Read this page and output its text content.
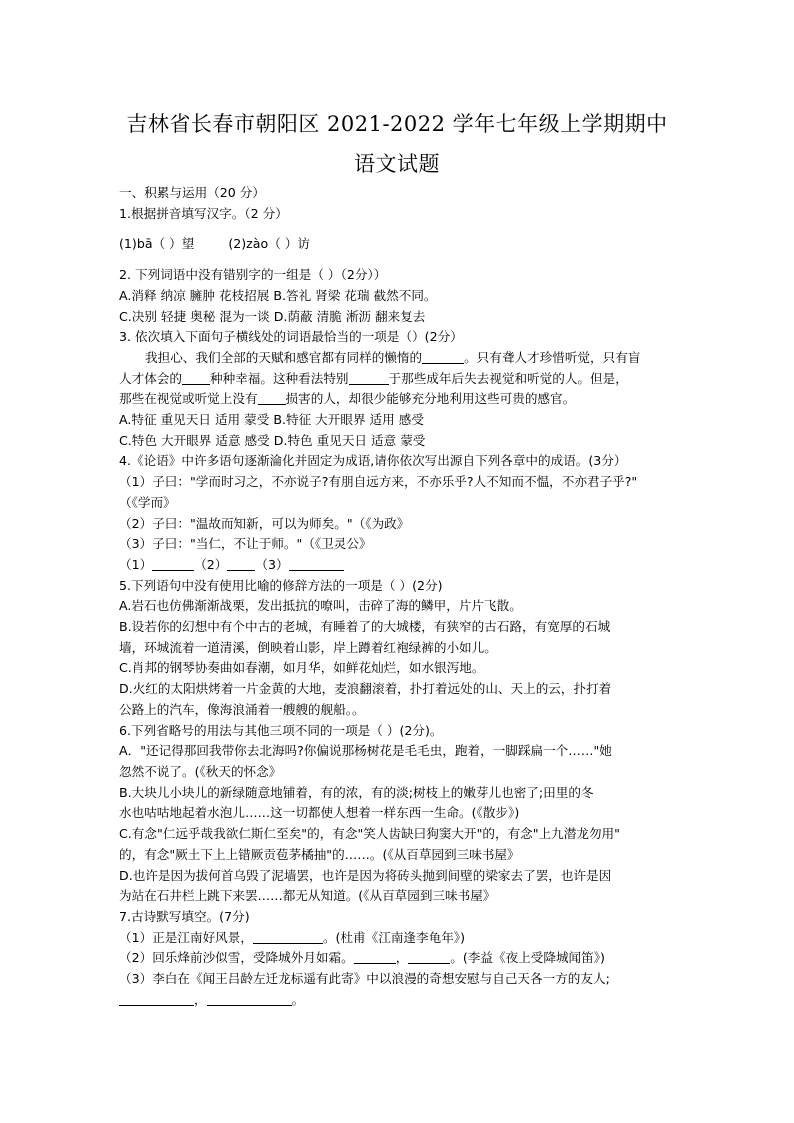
吉林省长春市朝阳区 2021-2022 学年七年级上学期期中
语文试题
一、积累与运用（20 分）
1.根据拼音填写汉字。（2 分）
(1)bā（ ）望	(2)zào（ ）访
2. 下列词语中没有错别字的一组是（ ）（2分））
A.消释 纳凉 臃肿 花枝招展 B.答礼 肾梁 花瑞 截然不同。
C.决别 轻捷 奥秘 混为一谈 D.荫蔽 清脆 淅沥 翻来复去
3. 依次填入下面句子横线处的词语最恰当的一项是（）(2分）
我担心、我们全部的天赋和感官都有同样的懒惰的	。只有聋人才珍惜听觉，只有盲
人才体会的 种种幸福。这种看法特别	于那些成年后失去视觉和听觉的人。但是，
那些在视觉或听觉上没有 损害的人，却很少能够充分地利用这些可贵的感官。
A.特征 重见天日 适用 蒙受 B.特征 大开眼界 适用 感受
C.特色 大开眼界 适意 感受 D.特色 重见天日 适意 蒙受
4.《论语》中许多语句逐渐淪化并固定为成语,请你依次写出源自下列各章中的成语。(3分）
（1）子曰："学而时习之，不亦说子?有朋自远方来，不亦乐乎?人不知而不愠，不亦君子乎?"
（《学而》
（2）子曰："温故而知新，可以为师矣。"（《为政》
（3）子曰："当仁，不让于师。"（《卫灵公》
（1）	（2） （3）
5.下列语句中没有使用比喻的修辞方法的一项是（ ）(2分)
A.岩石也仿佛渐渐战栗，发出抵抗的嘹叫，击碎了海的鳞甲，片片飞散。
B.设若你的幻想中有个中古的老城，有睡着了的大城楼，有狭窄的古石路，有宽厚的石城
墙，环城流着一道清溪，倒映着山影，岸上蹲着红袍绿裤的小如儿。
C.肖邦的钢琴协奏曲如春潮，如月华，如鲜花灿烂，如水银泻地。
D.火红的太阳烘烤着一片金黄的大地，麦浪翻滚着，扑打着远处的山、天上的云，扑打着
公路上的汽车，像海浪涌着一艘艘的舰船。。
6.下列省略号的用法与其他三项不同的一项是（ ）(2分)。
A．"还记得那回我带你去北海吗?你偏说那杨树花是毛毛虫，跑着，一脚踩扁一个……"她
忽然不说了。(《秋天的怀念》
B.大块儿小块儿的新绿随意地铺着，有的浓，有的淡;树枝上的嫩芽儿也密了;田里的冬
水也咕咕地起着水泡儿……这一切都使人想着一样东西一生命。(《散步》)
C.有念"仁远乎哉我欲仁斯仁至矣"的，有念"笑人齿缺曰狗窦大开"的，有念"上九潜龙勿用"
的，有念"厥土下上上错厥贡苞茅橘抽"的……。(《从百草园到三味书屋》
D.也许是因为拔何首乌毁了泥墙罢，也许是因为将砖头抛到间壁的梁家去了罢，也许是因
为站在石井栏上跳下来罢……都无从知道。(《从百草园到三味书屋》
7.古诗默写填空。(7分)
（1）正是江南好风景，	。(杜甫《江南逢李龟年》)
（2）回乐烽前沙似雪，受降城外月如霜。	，	。(李益《夜上受降城闻笛》)
（3）李白在《闻王吕龄左迁龙标遥有此寄》中以浪漫的奇想安慰与自己天各一方的友人;
，	。
